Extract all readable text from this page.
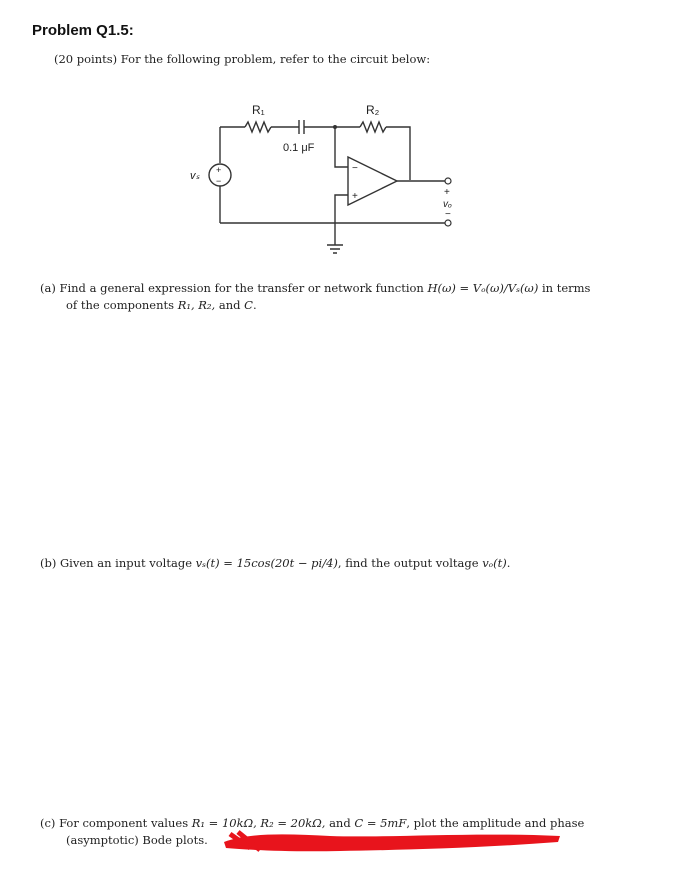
Problem Q1.5:
(20 points) For the following problem, refer to the circuit below:
R₁
0.1 μF
R₂
vₛ +
−
−
+	+
vₒ
−
(a) Find a general expression for the transfer or network function H(ω) = Vₒ(ω)/Vₛ(ω) in terms
of the components R₁, R₂, and C.
(b) Given an input voltage vₛ(t) = 15cos(20t − pi/4), find the output voltage vₒ(t).
(c) For component values R₁ = 10kΩ, R₂ = 20kΩ, and C = 5mF, plot the amplitude and phase
(asymptotic) Bode plots.
